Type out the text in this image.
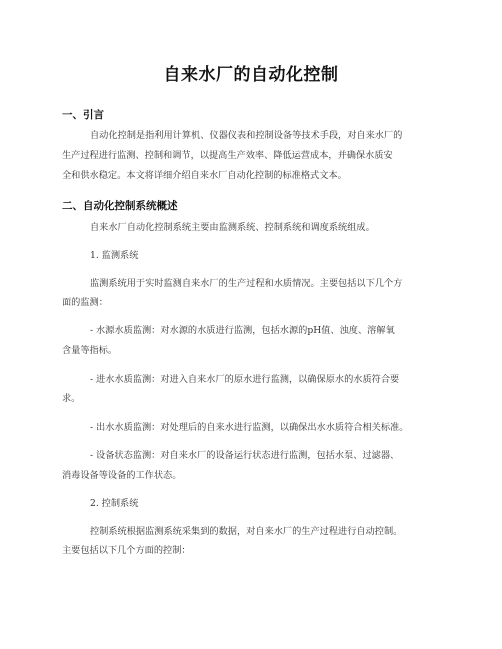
自来水厂的自动化控制
一、引言
自动化控制是指利用计算机、仪器仪表和控制设备等技术手段，对自来水厂的
生产过程进行监测、控制和调节，以提高生产效率、降低运营成本，并确保水质安
全和供水稳定。本文将详细介绍自来水厂自动化控制的标准格式文本。
二、自动化控制系统概述
自来水厂自动化控制系统主要由监测系统、控制系统和调度系统组成。
1. 监测系统
监测系统用于实时监测自来水厂的生产过程和水质情况。主要包括以下几个方
面的监测：
- 水源水质监测：对水源的水质进行监测，包括水源的pH值、浊度、溶解氧
含量等指标。
- 进水水质监测：对进入自来水厂的原水进行监测，以确保原水的水质符合要
求。
- 出水水质监测：对处理后的自来水进行监测，以确保出水水质符合相关标准。
- 设备状态监测：对自来水厂的设备运行状态进行监测，包括水泵、过滤器、
消毒设备等设备的工作状态。
2. 控制系统
控制系统根据监测系统采集到的数据，对自来水厂的生产过程进行自动控制。
主要包括以下几个方面的控制：
